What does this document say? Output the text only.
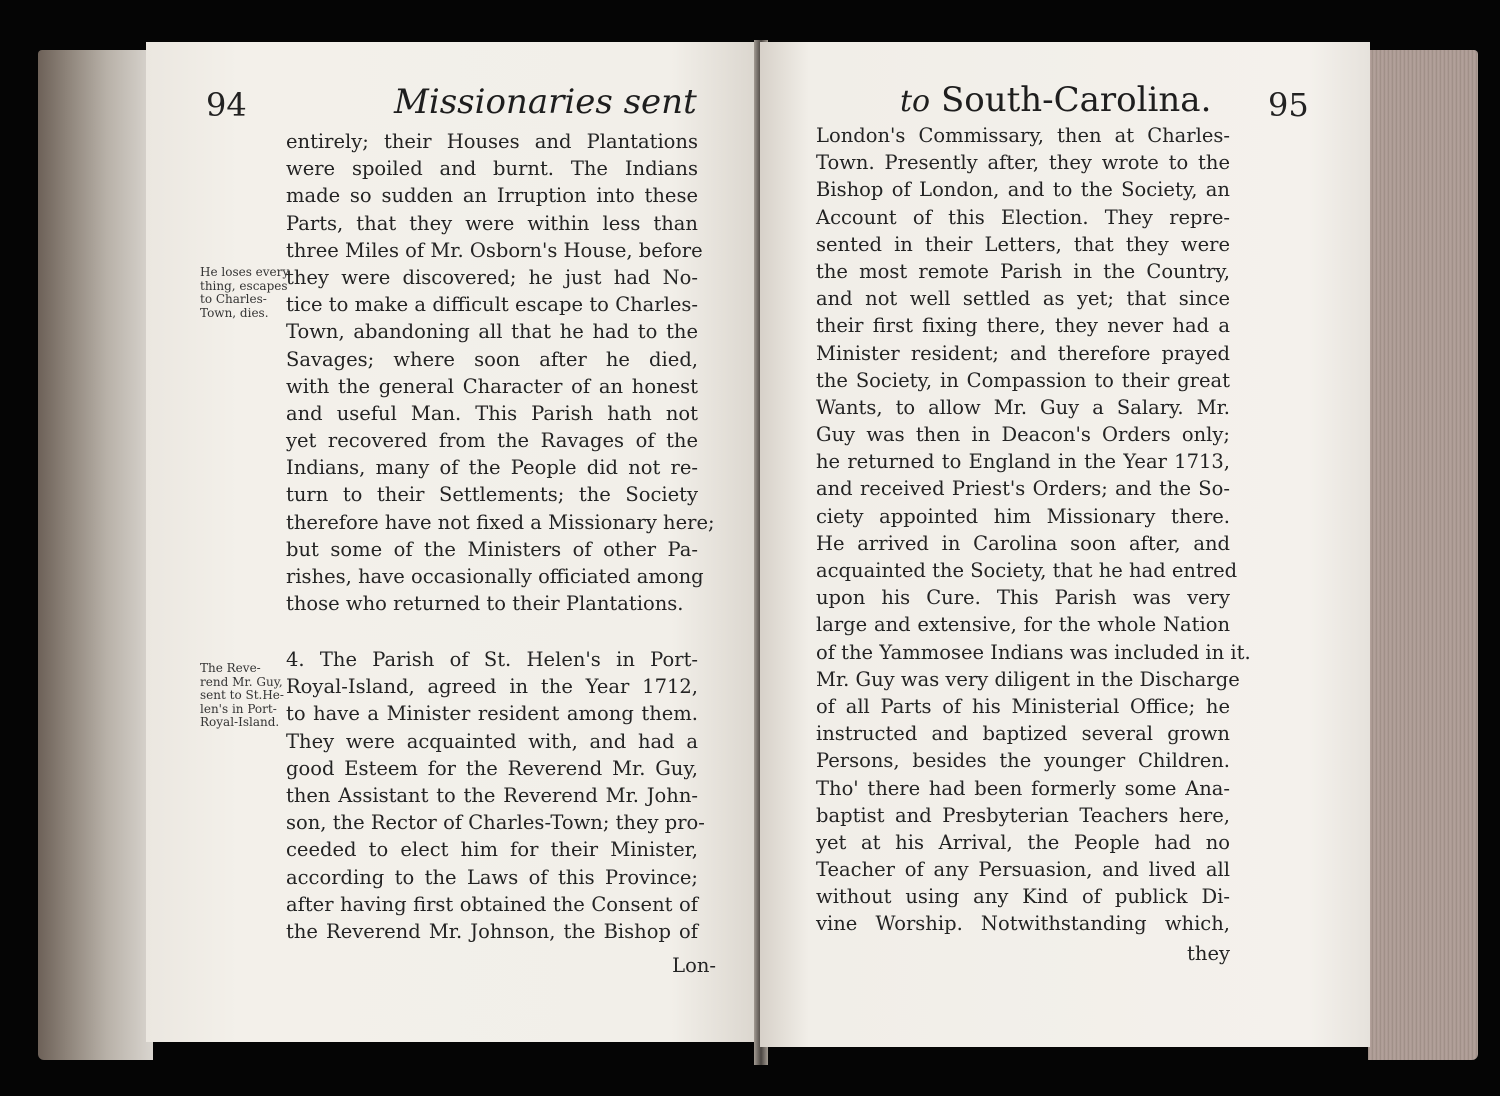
94	Missionaries sent
He loses every
thing, escapes
to Charles-
Town, dies.
The Reve-
rend Mr. Guy,
sent to St.He-
len's in Port-
Royal-Island.
entirely; their Houses and Plantations
were spoiled and burnt. The Indians
made so sudden an Irruption into these
Parts, that they were within less than
three Miles of Mr. Osborn's House, before
they were discovered; he just had No-
tice to make a difficult escape to Charles-
Town, abandoning all that he had to the
Savages; where soon after he died,
with the general Character of an honest
and useful Man. This Parish hath not
yet recovered from the Ravages of the
Indians, many of the People did not re-
turn to their Settlements; the Society
therefore have not fixed a Missionary here;
but some of the Ministers of other Pa-
rishes, have occasionally officiated among
those who returned to their Plantations.
4. The Parish of St. Helen's in Port-
Royal-Island, agreed in the Year 1712,
to have a Minister resident among them.
They were acquainted with, and had a
good Esteem for the Reverend Mr. Guy,
then Assistant to the Reverend Mr. John-
son, the Rector of Charles-Town; they pro-
ceeded to elect him for their Minister,
according to the Laws of this Province;
after having first obtained the Consent of
the Reverend Mr. Johnson, the Bishop of
Lon-
to South-Carolina. 95
London's Commissary, then at Charles-
Town. Presently after, they wrote to the
Bishop of London, and to the Society, an
Account of this Election. They repre-
sented in their Letters, that they were
the most remote Parish in the Country,
and not well settled as yet; that since
their first fixing there, they never had a
Minister resident; and therefore prayed
the Society, in Compassion to their great
Wants, to allow Mr. Guy a Salary. Mr.
Guy was then in Deacon's Orders only;
he returned to England in the Year 1713,
and received Priest's Orders; and the So-
ciety appointed him Missionary there.
He arrived in Carolina soon after, and
acquainted the Society, that he had entred
upon his Cure. This Parish was very
large and extensive, for the whole Nation
of the Yammosee Indians was included in it.
Mr. Guy was very diligent in the Discharge
of all Parts of his Ministerial Office; he
instructed and baptized several grown
Persons, besides the younger Children.
Tho' there had been formerly some Ana-
baptist and Presbyterian Teachers here,
yet at his Arrival, the People had no
Teacher of any Persuasion, and lived all
without using any Kind of publick Di-
vine Worship. Notwithstanding which,
they
